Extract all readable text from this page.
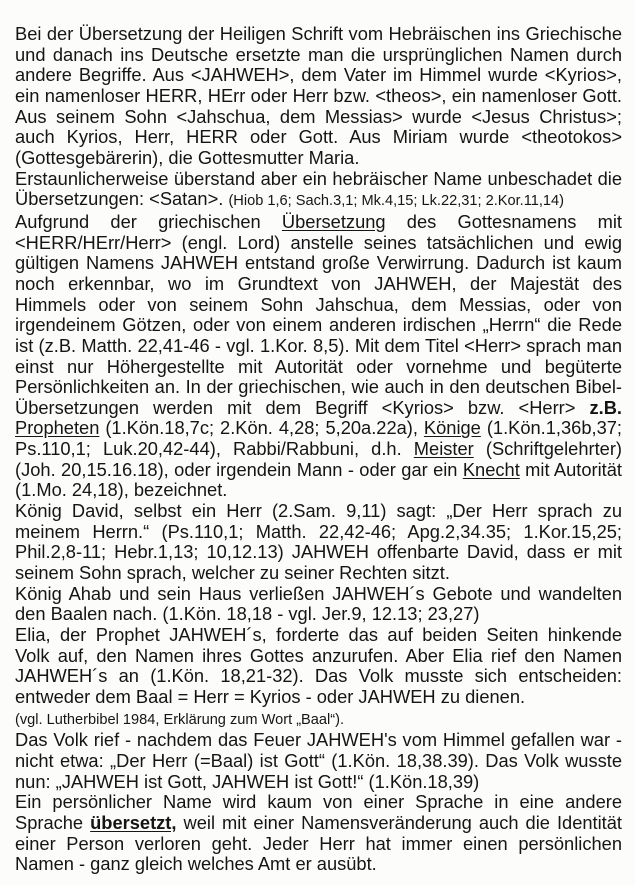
Bei der Übersetzung der Heiligen Schrift vom Hebräischen ins Griechische und danach ins Deutsche ersetzte man die ursprünglichen Namen durch andere Begriffe. Aus <JAHWEH>, dem Vater im Himmel wurde <Kyrios>, ein namenloser HERR, HErr oder Herr bzw. <theos>, ein namenloser Gott. Aus seinem Sohn <Jahschua, dem Messias> wurde <Jesus Christus>; auch Kyrios, Herr, HERR oder Gott. Aus Miriam wurde <theotokos> (Gottesgebärerin), die Gottesmutter Maria.

Erstaunlicherweise überstand aber ein hebräischer Name unbeschadet die Übersetzungen: <Satan>. (Hiob 1,6; Sach.3,1; Mk.4,15; Lk.22,31; 2.Kor.11,14)

Aufgrund der griechischen Übersetzung des Gottesnamens mit <HERR/HErr/Herr> (engl. Lord) anstelle seines tatsächlichen und ewig gültigen Namens JAHWEH entstand große Verwirrung. Dadurch ist kaum noch erkennbar, wo im Grundtext von JAHWEH, der Majestät des Himmels oder von seinem Sohn Jahschua, dem Messias, oder von irgendeinem Götzen, oder von einem anderen irdischen „Herrn“ die Rede ist (z.B. Matth. 22,41-46 - vgl. 1.Kor. 8,5). Mit dem Titel <Herr> sprach man einst nur Höhergestellte mit Autorität oder vornehme und begüterte Persönlichkeiten an. In der griechischen, wie auch in den deutschen Bibel-Übersetzungen werden mit dem Begriff <Kyrios> bzw. <Herr> z.B. Propheten (1.Kön.18,7c; 2.Kön. 4,28; 5,20a.22a), Könige (1.Kön.1,36b,37; Ps.110,1; Luk.20,42-44), Rabbi/Rabbuni, d.h. Meister (Schriftgelehrter) (Joh. 20,15.16.18), oder irgendein Mann - oder gar ein Knecht mit Autorität (1.Mo. 24,18), bezeichnet.

König David, selbst ein Herr (2.Sam. 9,11) sagt: „Der Herr sprach zu meinem Herrn.“ (Ps.110,1; Matth. 22,42-46; Apg.2,34.35; 1.Kor.15,25; Phil.2,8-11; Hebr.1,13; 10,12.13) JAHWEH offenbarte David, dass er mit seinem Sohn sprach, welcher zu seiner Rechten sitzt.

König Ahab und sein Haus verließen JAHWEH´s Gebote und wandelten den Baalen nach. (1.Kön. 18,18 - vgl. Jer.9, 12.13; 23,27)

Elia, der Prophet JAHWEH´s, forderte das auf beiden Seiten hinkende Volk auf, den Namen ihres Gottes anzurufen. Aber Elia rief den Namen JAHWEH´s an (1.Kön. 18,21-32). Das Volk musste sich entscheiden: entweder dem Baal = Herr = Kyrios - oder JAHWEH zu dienen.

(vgl. Lutherbibel 1984, Erklärung zum Wort „Baal“).

Das Volk rief - nachdem das Feuer JAHWEH's vom Himmel gefallen war - nicht etwa: „Der Herr (=Baal) ist Gott“ (1.Kön. 18,38.39). Das Volk wusste nun: „JAHWEH ist Gott, JAHWEH ist Gott!“ (1.Kön.18,39)

Ein persönlicher Name wird kaum von einer Sprache in eine andere Sprache übersetzt, weil mit einer Namensveränderung auch die Identität einer Person verloren geht. Jeder Herr hat immer einen persönlichen Namen - ganz gleich welches Amt er ausübt.
